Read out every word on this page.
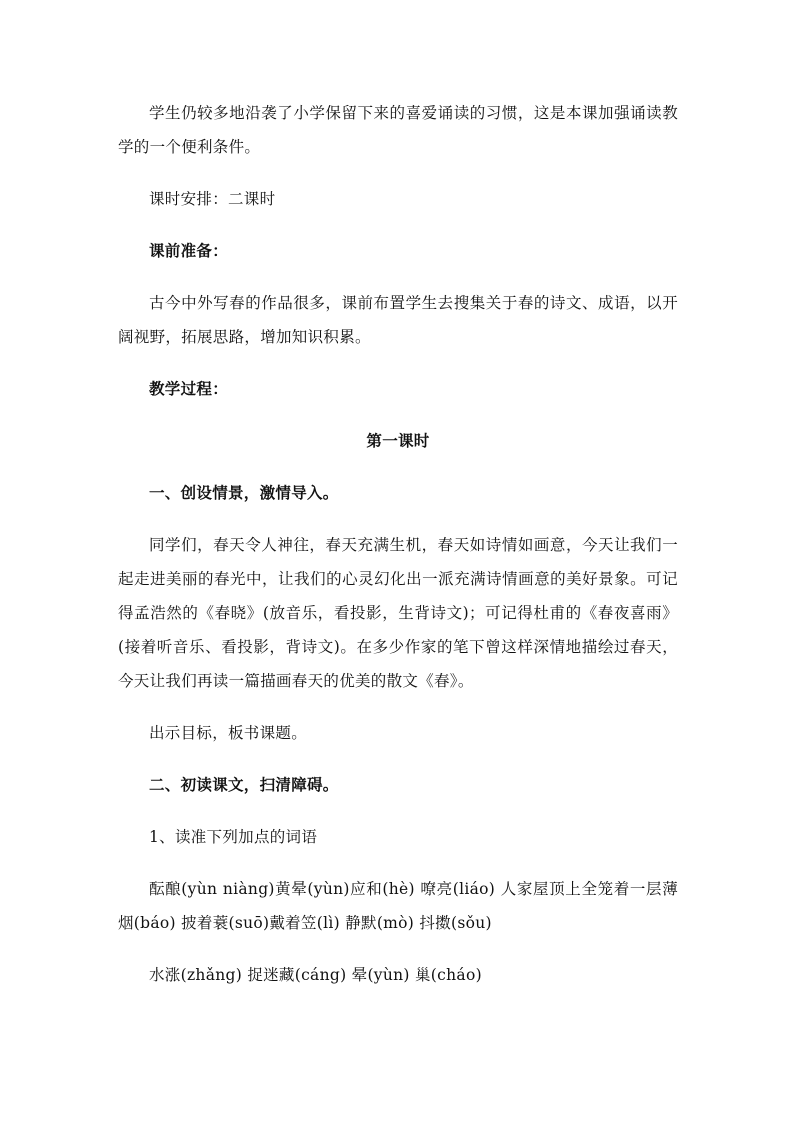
学生仍较多地沿袭了小学保留下来的喜爱诵读的习惯，这是本课加强诵读教学的一个便利条件。

课时安排：二课时

课前准备：

古今中外写春的作品很多，课前布置学生去搜集关于春的诗文、成语，以开阔视野，拓展思路，增加知识积累。

教学过程：

第一课时

一、创设情景，激情导入。

同学们，春天令人神往，春天充满生机，春天如诗情如画意，今天让我们一起走进美丽的春光中，让我们的心灵幻化出一派充满诗情画意的美好景象。可记得孟浩然的《春晓》(放音乐，看投影，生背诗文)；可记得杜甫的《春夜喜雨》(接着听音乐、看投影，背诗文)。在多少作家的笔下曾这样深情地描绘过春天，今天让我们再读一篇描画春天的优美的散文《春》。

出示目标，板书课题。

二、初读课文，扫清障碍。

1、读准下列加点的词语

酝酿(yùn niàng)黄晕(yùn)应和(hè) 嘹亮(liáo) 人家屋顶上全笼着一层薄烟(báo) 披着蓑(suō)戴着笠(lì) 静默(mò) 抖擞(sǒu)

水涨(zhǎng) 捉迷藏(cáng) 晕(yùn) 巢(cháo)
